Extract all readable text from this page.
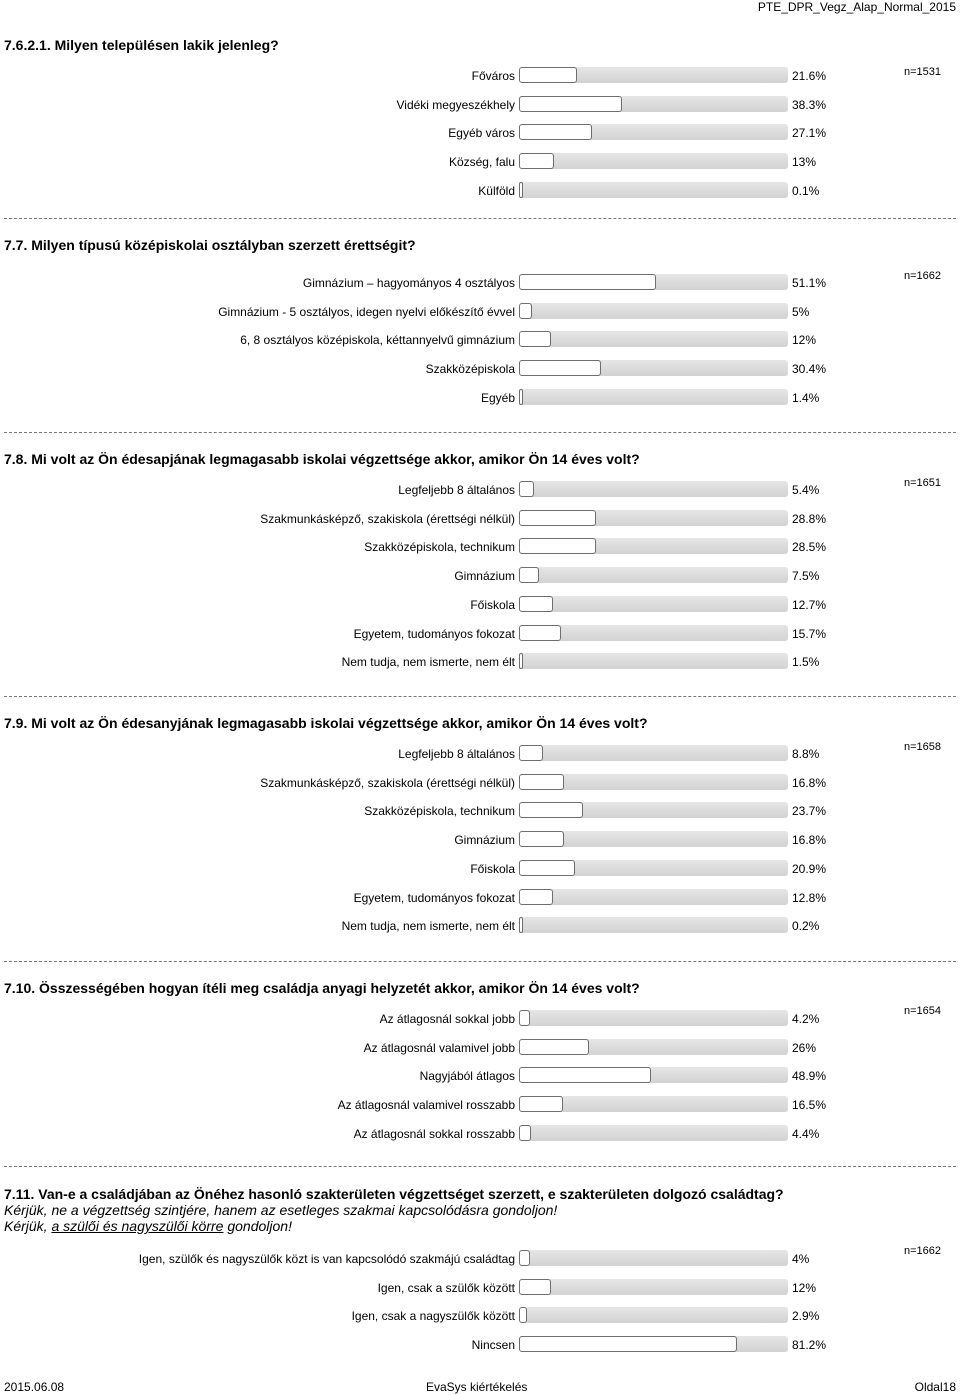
PTE_DPR_Vegz_Alap_Normal_2015
7.6.2.1. Milyen településen lakik jelenleg?
n=1531
Főváros	21.6%
Vidéki megyeszékhely	38.3%
Egyéb város	27.1%
Község, falu	13%
Külföld	0.1%
7.7. Milyen típusú középiskolai osztályban szerzett érettségit?
n=1662
Gimnázium – hagyományos 4 osztályos	51.1%
Gimnázium - 5 osztályos, idegen nyelvi előkészítő évvel	5%
6, 8 osztályos középiskola, kéttannyelvű gimnázium	12%
Szakközépiskola	30.4%
Egyéb	1.4%
7.8. Mi volt az Ön édesapjának legmagasabb iskolai végzettsége akkor, amikor Ön 14 éves volt?
n=1651
Legfeljebb 8 általános	5.4%
Szakmunkásképző, szakiskola (érettségi nélkül)	28.8%
Szakközépiskola, technikum	28.5%
Gimnázium	7.5%
Főiskola	12.7%
Egyetem, tudományos fokozat	15.7%
Nem tudja, nem ismerte, nem élt	1.5%
7.9. Mi volt az Ön édesanyjának legmagasabb iskolai végzettsége akkor, amikor Ön 14 éves volt?
n=1658
Legfeljebb 8 általános	8.8%
Szakmunkásképző, szakiskola (érettségi nélkül)	16.8%
Szakközépiskola, technikum	23.7%
Gimnázium	16.8%
Főiskola	20.9%
Egyetem, tudományos fokozat	12.8%
Nem tudja, nem ismerte, nem élt	0.2%
7.10. Összességében hogyan ítéli meg családja anyagi helyzetét akkor, amikor Ön 14 éves volt?
n=1654
Az átlagosnál sokkal jobb	4.2%
Az átlagosnál valamivel jobb	26%
Nagyjából átlagos	48.9%
Az átlagosnál valamivel rosszabb	16.5%
Az átlagosnál sokkal rosszabb	4.4%
7.11. Van-e a családjában az Önéhez hasonló szakterületen végzettséget szerzett, e szakterületen dolgozó családtag?
Kérjük, ne a végzettség szintjére, hanem az esetleges szakmai kapcsolódásra gondoljon!
Kérjük, a szülői és nagyszülői körre gondoljon!
n=1662
Igen, szülők és nagyszülők közt is van kapcsolódó szakmájú családtag	4%
Igen, csak a szülők között	12%
Igen, csak a nagyszülők között	2.9%
Nincsen	81.2%
2015.06.08	EvaSys kiértékelés	Oldal18
